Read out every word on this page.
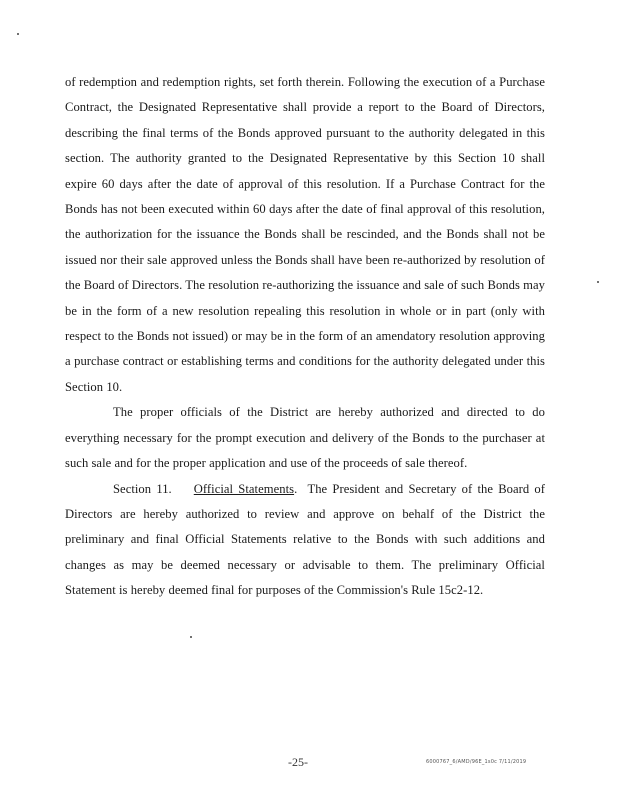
of redemption and redemption rights, set forth therein. Following the execution of a Purchase Contract, the Designated Representative shall provide a report to the Board of Directors, describing the final terms of the Bonds approved pursuant to the authority delegated in this section. The authority granted to the Designated Representative by this Section 10 shall expire 60 days after the date of approval of this resolution. If a Purchase Contract for the Bonds has not been executed within 60 days after the date of final approval of this resolution, the authorization for the issuance the Bonds shall be rescinded, and the Bonds shall not be issued nor their sale approved unless the Bonds shall have been re-authorized by resolution of the Board of Directors. The resolution re-authorizing the issuance and sale of such Bonds may be in the form of a new resolution repealing this resolution in whole or in part (only with respect to the Bonds not issued) or may be in the form of an amendatory resolution approving a purchase contract or establishing terms and conditions for the authority delegated under this Section 10.

The proper officials of the District are hereby authorized and directed to do everything necessary for the prompt execution and delivery of the Bonds to the purchaser at such sale and for the proper application and use of the proceeds of sale thereof.

Section 11. Official Statements.  The President and Secretary of the Board of Directors are hereby authorized to review and approve on behalf of the District the preliminary and final Official Statements relative to the Bonds with such additions and changes as may be deemed necessary or advisable to them. The preliminary Official Statement is hereby deemed final for purposes of the Commission's Rule 15c2-12.

-25-	6000767_6/AMD/96E_1s0c 7/11/2019
